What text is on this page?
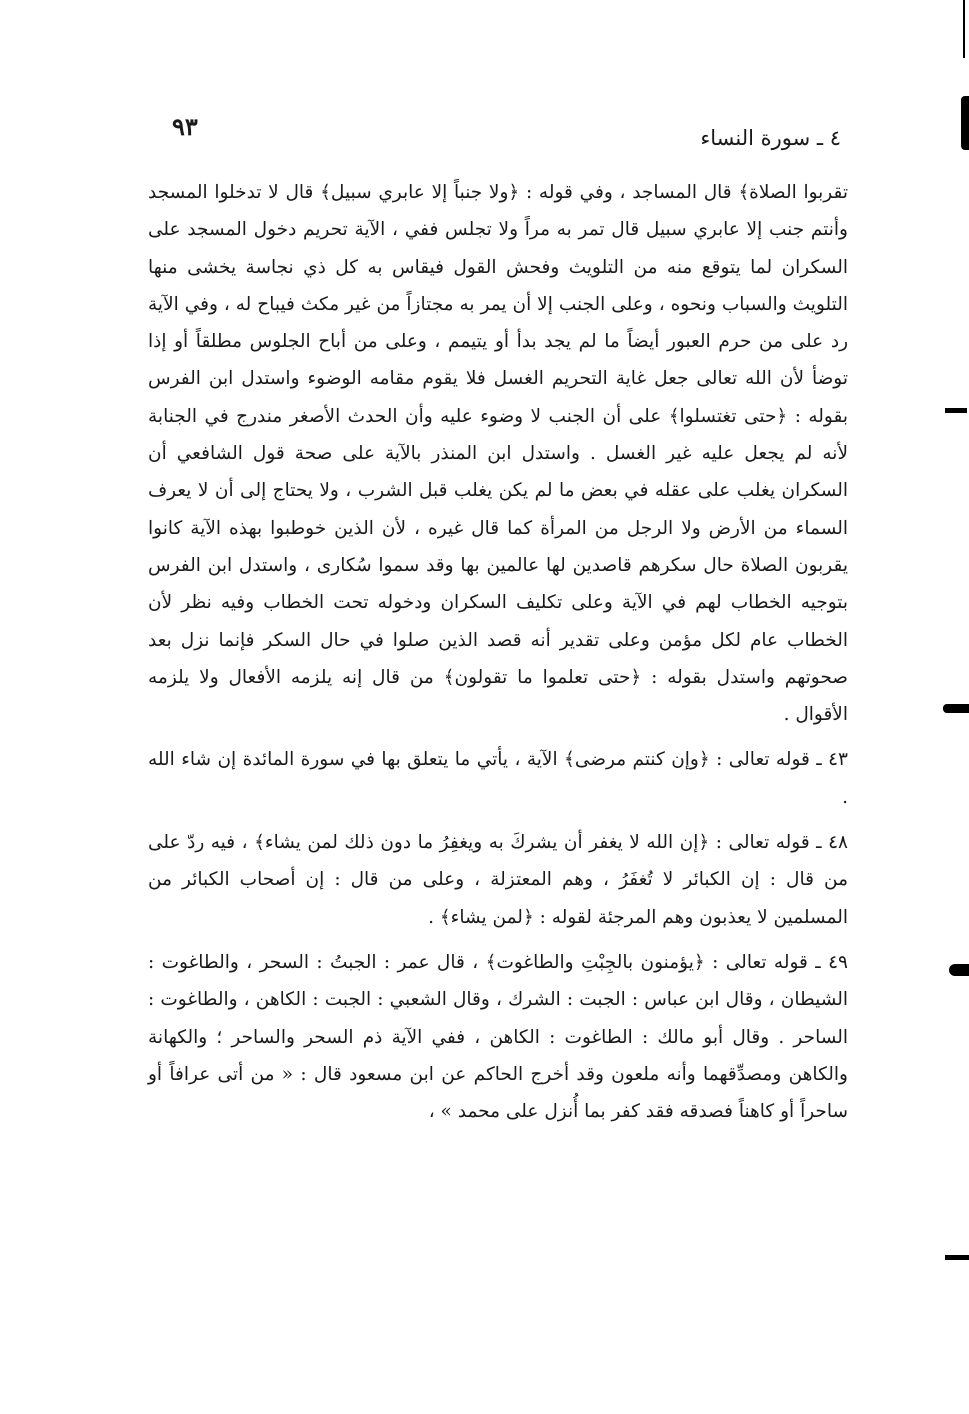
٩٣	٤ ـ سورة النساء

تقربوا الصلاة﴾ قال المساجد ، وفي قوله : ﴿ولا جنباً إلا عابري سبيل﴾ قال لا تدخلوا المسجد وأنتم جنب إلا عابري سبيل قال تمر به مراً ولا تجلس ففي ، الآية تحريم دخول المسجد على السكران لما يتوقع منه من التلويث وفحش القول فيقاس به كل ذي نجاسة يخشى منها التلويث والسباب ونحوه ، وعلى الجنب إلا أن يمر به مجتازاً من غير مكث فيباح له ، وفي الآية رد على من حرم العبور أيضاً ما لم يجد بدأ أو يتيمم ، وعلى من أباح الجلوس مطلقاً أو إذا توضأ لأن الله تعالى جعل غاية التحريم الغسل فلا يقوم مقامه الوضوء واستدل ابن الفرس بقوله : ﴿حتى تغتسلوا﴾ على أن الجنب لا وضوء عليه وأن الحدث الأصغر مندرج في الجنابة لأنه لم يجعل عليه غير الغسل . واستدل ابن المنذر بالآية على صحة قول الشافعي أن السكران يغلب على عقله في بعض ما لم يكن يغلب قبل الشرب ، ولا يحتاج إلى أن لا يعرف السماء من الأرض ولا الرجل من المرأة كما قال غيره ، لأن الذين خوطبوا بهذه الآية كانوا يقربون الصلاة حال سكرهم قاصدين لها عالمين بها وقد سموا سُكارى ، واستدل ابن الفرس بتوجيه الخطاب لهم في الآية وعلى تكليف السكران ودخوله تحت الخطاب وفيه نظر لأن الخطاب عام لكل مؤمن وعلى تقدير أنه قصد الذين صلوا في حال السكر فإنما نزل بعد صحوتهم واستدل بقوله : ﴿حتى تعلموا ما تقولون﴾ من قال إنه يلزمه الأفعال ولا يلزمه الأقوال .

٤٣ ـ قوله تعالى : ﴿وإن كنتم مرضى﴾ الآية ، يأتي ما يتعلق بها في سورة المائدة إن شاء الله .

٤٨ ـ قوله تعالى : ﴿إن الله لا يغفر أن يشركَ به ويغفِرُ ما دون ذلك لمن يشاء﴾ ، فيه ردّ على من قال : إن الكبائر لا تُغفَرُ ، وهم المعتزلة ، وعلى من قال : إن أصحاب الكبائر من المسلمين لا يعذبون وهم المرجئة لقوله : ﴿لمن يشاء﴾ .

٤٩ ـ قوله تعالى : ﴿يؤمنون بالجِبْتِ والطاغوت﴾ ، قال عمر : الجبتُ : السحر ، والطاغوت : الشيطان ، وقال ابن عباس : الجبت : الشرك ، وقال الشعبي : الجبت : الكاهن ، والطاغوت : الساحر . وقال أبو مالك : الطاغوت : الكاهن ، ففي الآية ذم السحر والساحر ؛ والكهانة والكاهن ومصدِّقهما وأنه ملعون وقد أخرج الحاكم عن ابن مسعود قال : « من أتى عرافاً أو ساحراً أو كاهناً فصدقه فقد كفر بما أُنزل على محمد » ،
